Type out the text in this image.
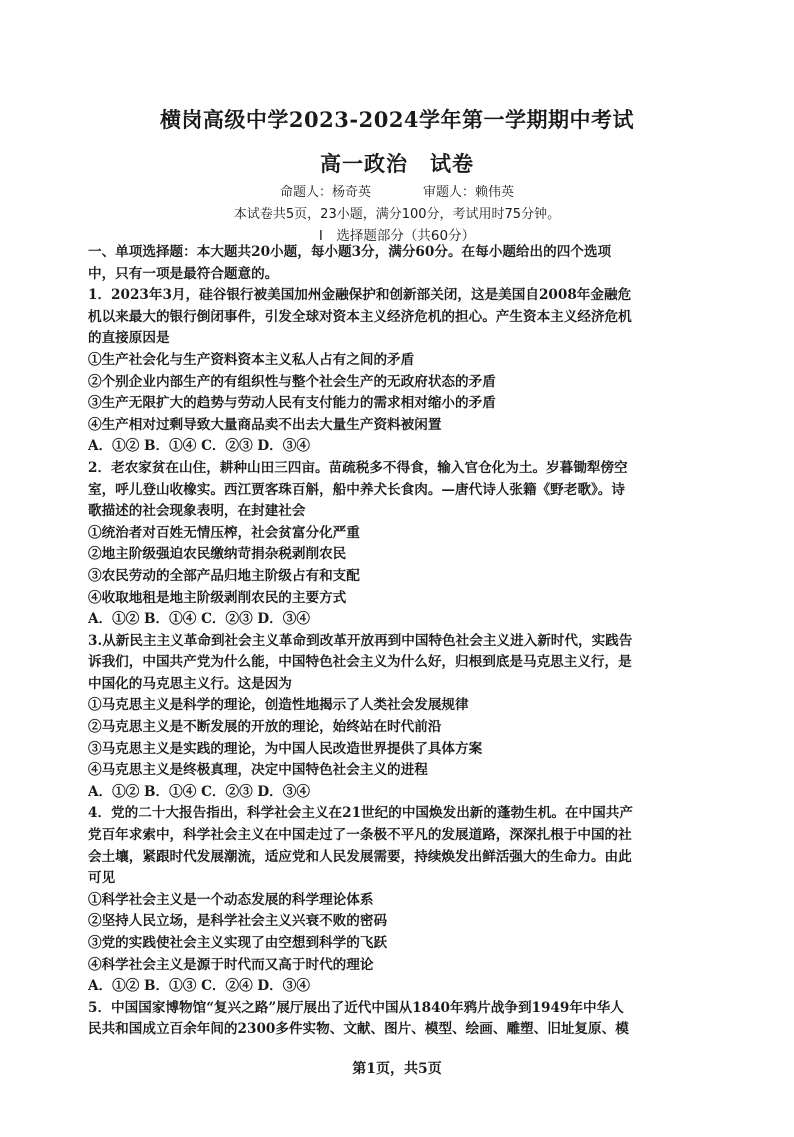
横岗高级中学2023-2024学年第一学期期中考试
高一政治　试卷
命题人：杨奇英　　　　审题人：赖伟英
本试卷共5页，23小题，满分100分，考试用时75分钟。
Ⅰ　选择题部分（共60分）

一、单项选择题：本大题共20小题，每小题3分，满分60分。在每小题给出的四个选项

中，只有一项是最符合题意的。

1．2023年3月，硅谷银行被美国加州金融保护和创新部关闭，这是美国自2008年金融危

机以来最大的银行倒闭事件，引发全球对资本主义经济危机的担心。产生资本主义经济危机

的直接原因是

①生产社会化与生产资料资本主义私人占有之间的矛盾

②个别企业内部生产的有组织性与整个社会生产的无政府状态的矛盾

③生产无限扩大的趋势与劳动人民有支付能力的需求相对缩小的矛盾

④生产相对过剩导致大量商品卖不出去大量生产资料被闲置

A．①② B．①④ C．②③ D．③④

2．老农家贫在山住，耕种山田三四亩。苗疏税多不得食，输入官仓化为土。岁暮锄犁傍空

室，呼儿登山收橡实。西江贾客珠百斛，船中养犬长食肉。—唐代诗人张籍《野老歌》。诗

歌描述的社会现象表明，在封建社会

①统治者对百姓无情压榨，社会贫富分化严重

②地主阶级强迫农民缴纳苛捐杂税剥削农民

③农民劳动的全部产品归地主阶级占有和支配

④收取地租是地主阶级剥削农民的主要方式

A．①② B．①④ C．②③ D．③④

3.从新民主主义革命到社会主义革命到改革开放再到中国特色社会主义进入新时代，实践告

诉我们，中国共产党为什么能，中国特色社会主义为什么好，归根到底是马克思主义行，是

中国化的马克思主义行。这是因为

①马克思主义是科学的理论，创造性地揭示了人类社会发展规律

②马克思主义是不断发展的开放的理论，始终站在时代前沿

③马克思主义是实践的理论，为中国人民改造世界提供了具体方案

④马克思主义是终极真理，决定中国特色社会主义的进程

A．①② B．①④ C．②③ D．③④

4．党的二十大报告指出，科学社会主义在21世纪的中国焕发出新的蓬勃生机。在中国共产

党百年求索中，科学社会主义在中国走过了一条极不平凡的发展道路，深深扎根于中国的社

会土壤，紧跟时代发展潮流，适应党和人民发展需要，持续焕发出鲜活强大的生命力。由此

可见

①科学社会主义是一个动态发展的科学理论体系

②坚持人民立场，是科学社会主义兴衰不败的密码

③党的实践使社会主义实现了由空想到科学的飞跃

④科学社会主义是源于时代而又高于时代的理论

A．①② B．①③ C．②④ D．③④

5．中国国家博物馆“复兴之路”展厅展出了近代中国从1840年鸦片战争到1949年中华人

民共和国成立百余年间的2300多件实物、文献、图片、模型、绘画、雕塑、旧址复原、模

第1页，共5页
